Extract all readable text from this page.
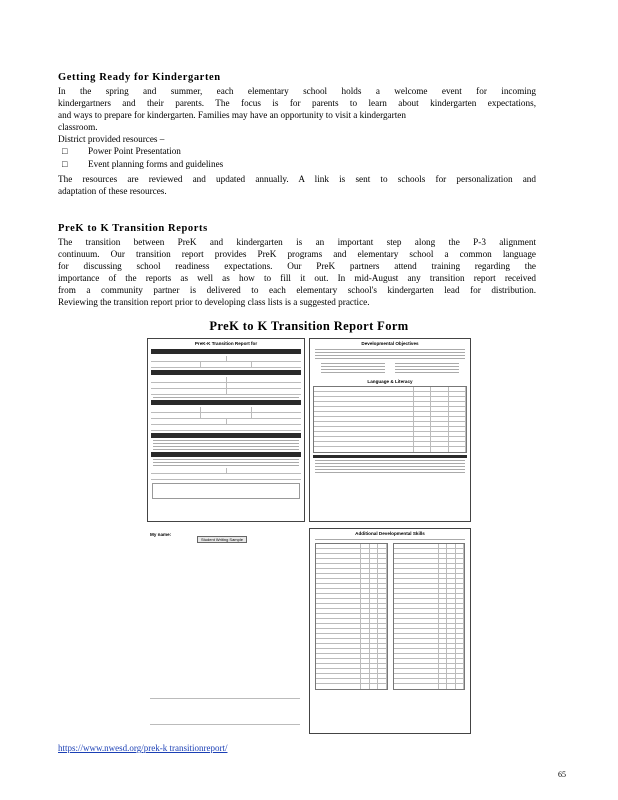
Getting Ready for Kindergarten
In the spring and summer, each elementary school holds a welcome event for incoming
kindergartners and their parents. The focus is for parents to learn about kindergarten expectations,
and ways to prepare for kindergarten. Families may have an opportunity to visit a kindergarten
classroom.
District provided resources –
□ Power Point Presentation
□ Event planning forms and guidelines
The resources are reviewed and updated annually. A link is sent to schools for personalization and
adaptation of these resources.
PreK to K Transition Reports
The transition between PreK and kindergarten is an important step along the P-3 alignment
continuum. Our transition report provides PreK programs and elementary school a common language
for discussing school readiness expectations. Our PreK partners attend training regarding the
importance of the reports as well as how to fill it out. In mid-August any transition report received
from a community partner is delivered to each elementary school's kindergarten lead for distribution.
Reviewing the transition report prior to developing class lists is a suggested practice.
PreK to K Transition Report Form
PreK-K Transition Report for	Developmental Objectives
Language & Literacy
My name:
Student Writing Sample
Additional Developmental Skills
https://www.nwesd.org/prek-k transitionreport/
65
